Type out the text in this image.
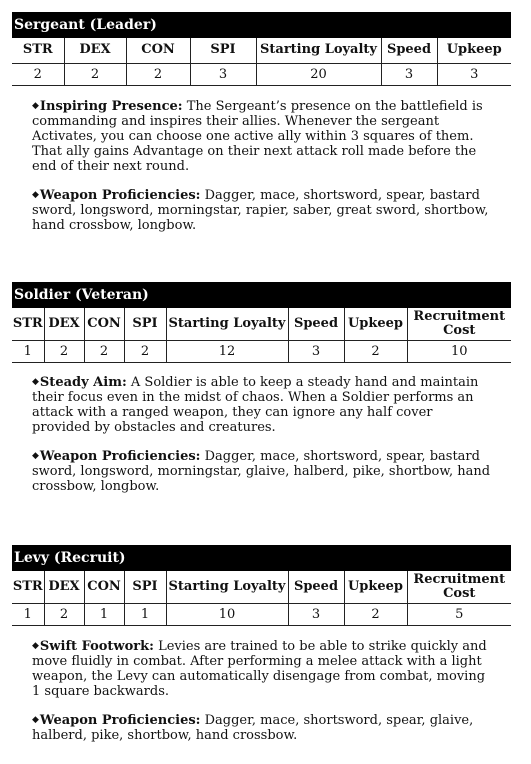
Sergeant (Leader)
STR	DEX	CON	SPI	Starting Loyalty	Speed	Upkeep
2	2	2	3	20	3	3

◆Inspiring Presence: The Sergeant’s presence on the battlefield is commanding and inspires their allies. Whenever the sergeant Activates, you can choose one active ally within 3 squares of them. That ally gains Advantage on their next attack roll made before the end of their next round.

◆Weapon Proficiencies: Dagger, mace, shortsword, spear, bastard sword, longsword, morningstar, rapier, saber, great sword, shortbow, hand crossbow, longbow.

Soldier (Veteran)
STR	DEX	CON	SPI	Starting Loyalty	Speed	Upkeep	Recruitment Cost
1	2	2	2	12	3	2	10

◆Steady Aim: A Soldier is able to keep a steady hand and maintain their focus even in the midst of chaos. When a Soldier performs an attack with a ranged weapon, they can ignore any half cover provided by obstacles and creatures.

◆Weapon Proficiencies: Dagger, mace, shortsword, spear, bastard sword, longsword, morningstar, glaive, halberd, pike, shortbow, hand crossbow, longbow.

Levy (Recruit)
STR	DEX	CON	SPI	Starting Loyalty	Speed	Upkeep	Recruitment Cost
1	2	1	1	10	3	2	5

◆Swift Footwork: Levies are trained to be able to strike quickly and move fluidly in combat. After performing a melee attack with a light weapon, the Levy can automatically disengage from combat, moving 1 square backwards.

◆Weapon Proficiencies: Dagger, mace, shortsword, spear, glaive, halberd, pike, shortbow, hand crossbow.
